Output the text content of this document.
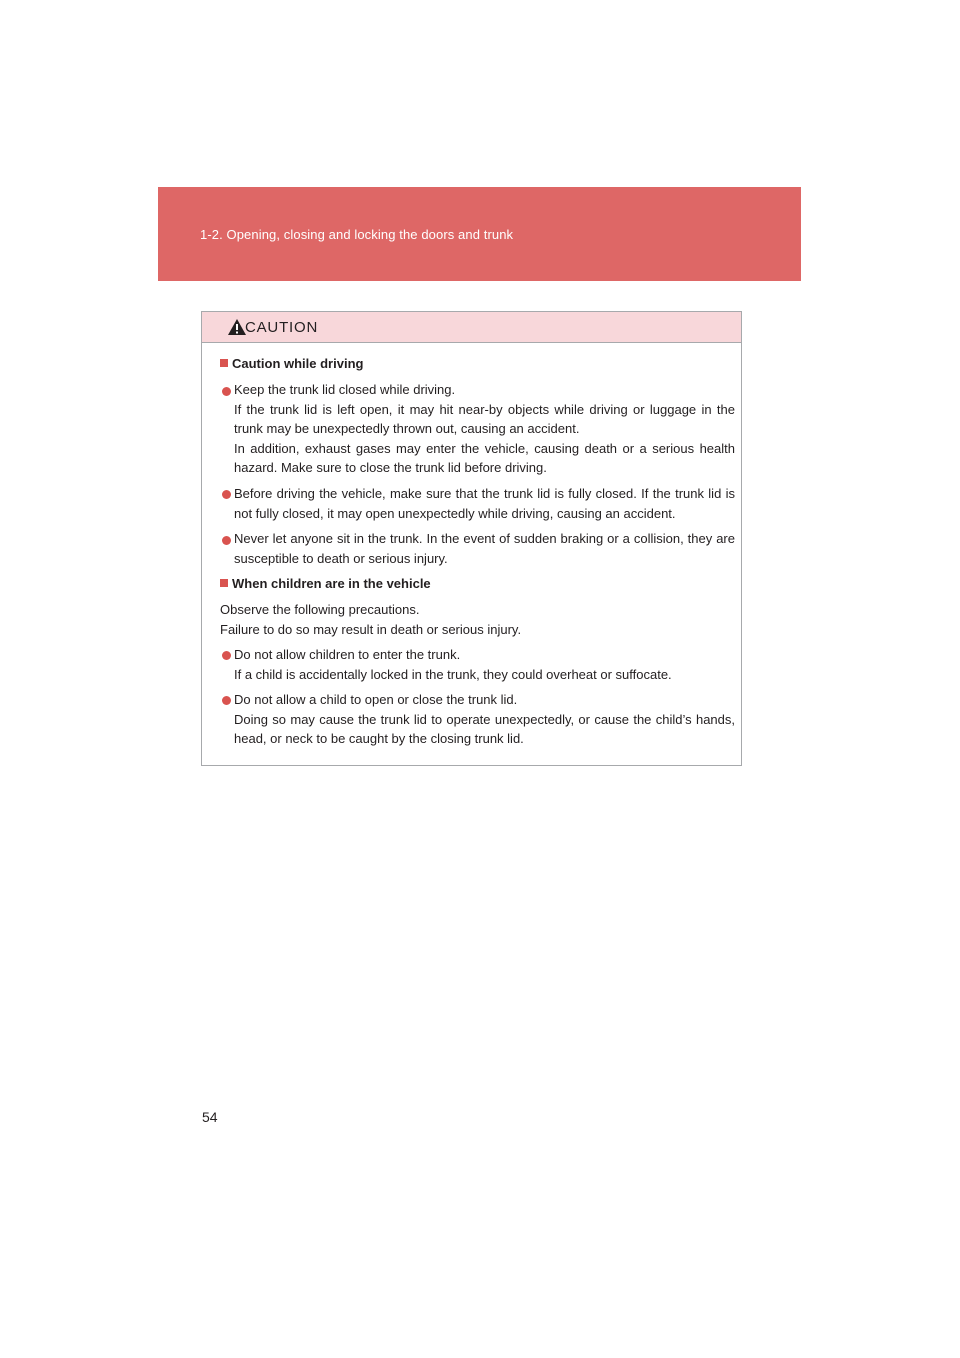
1-2. Opening, closing and locking the doors and trunk
CAUTION
Caution while driving

Keep the trunk lid closed while driving.

If the trunk lid is left open, it may hit near-by objects while driving or luggage in the trunk may be unexpectedly thrown out, causing an accident.

In addition, exhaust gases may enter the vehicle, causing death or a serious health hazard. Make sure to close the trunk lid before driving.

Before driving the vehicle, make sure that the trunk lid is fully closed. If the trunk lid is not fully closed, it may open unexpectedly while driving, causing an accident.

Never let anyone sit in the trunk. In the event of sudden braking or a collision, they are susceptible to death or serious injury.

When children are in the vehicle

Observe the following precautions.

Failure to do so may result in death or serious injury.

Do not allow children to enter the trunk.

If a child is accidentally locked in the trunk, they could overheat or suffocate.

Do not allow a child to open or close the trunk lid.

Doing so may cause the trunk lid to operate unexpectedly, or cause the child’s hands, head, or neck to be caught by the closing trunk lid.

54
